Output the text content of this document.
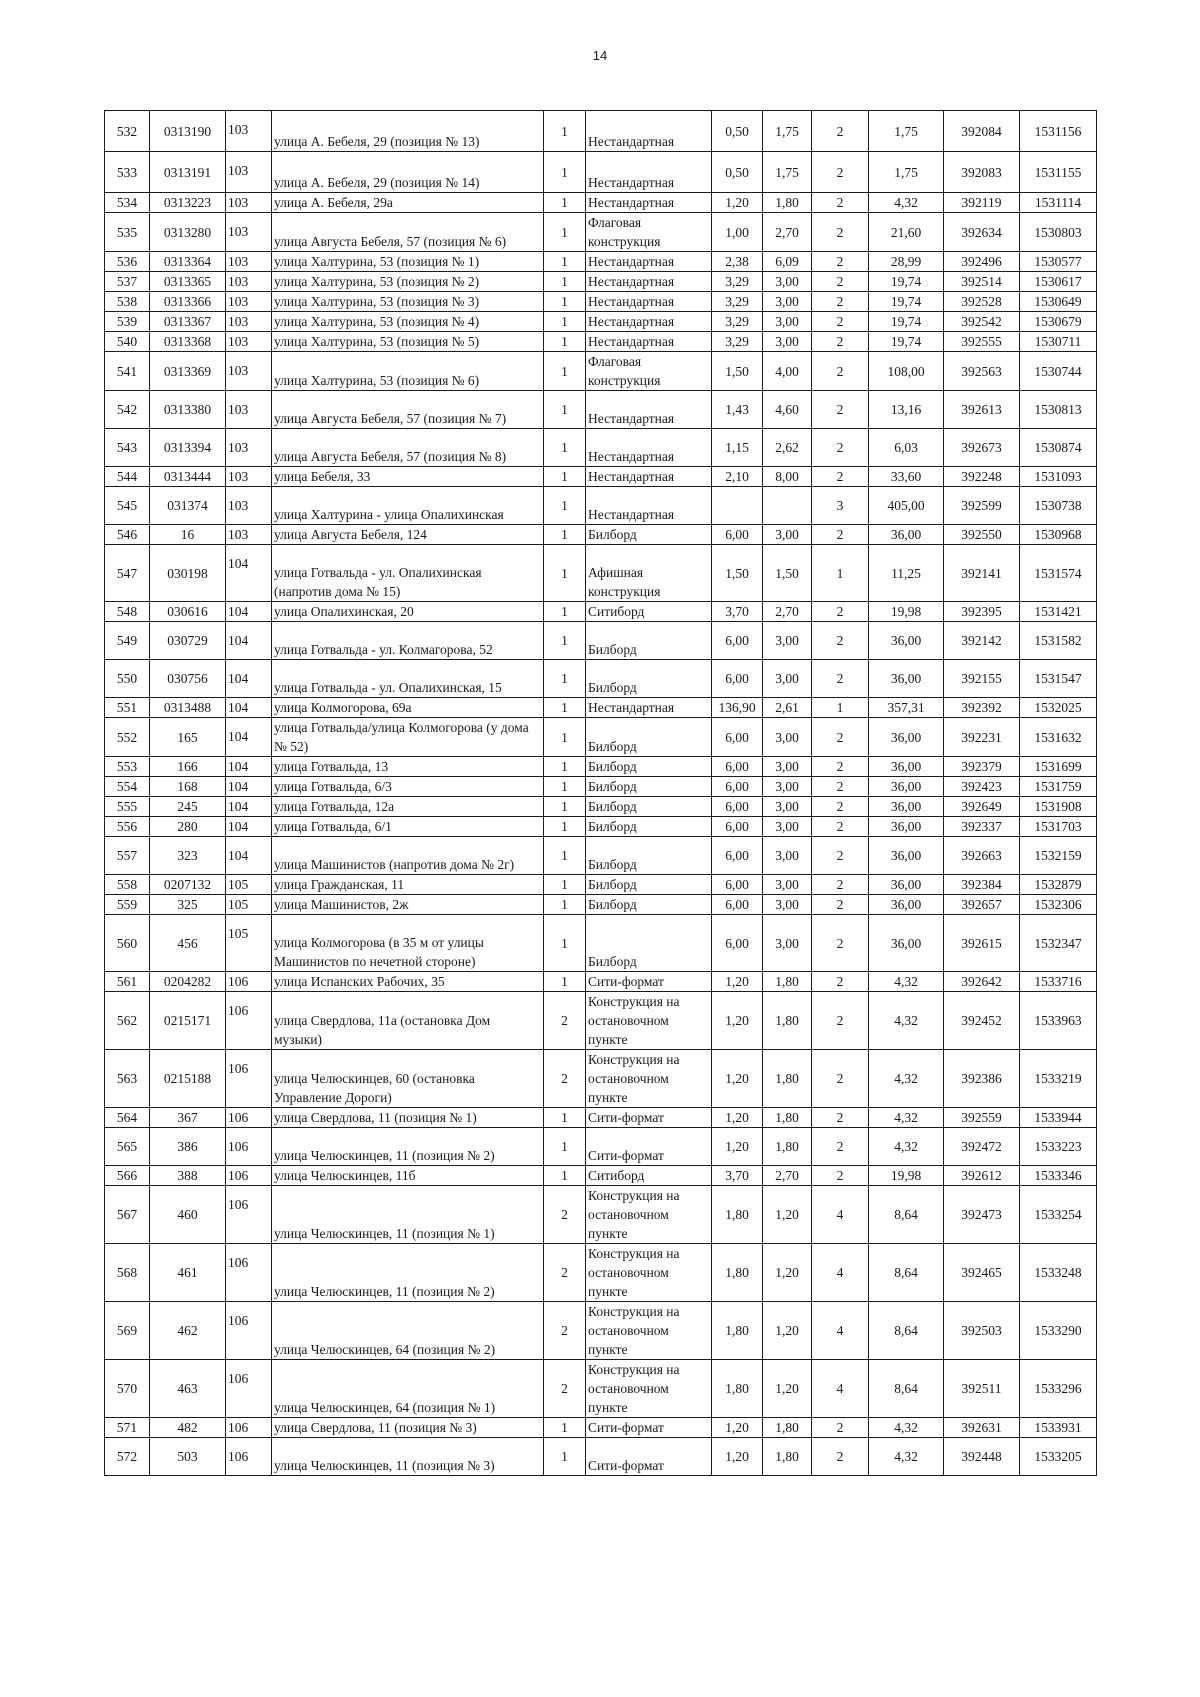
14
532	0313190	103	улица А. Бебеля, 29 (позиция № 13)	1	Нестандартная	0,50	1,75	2	1,75	392084	1531156
533	0313191	103	улица А. Бебеля, 29 (позиция № 14)	1	Нестандартная	0,50	1,75	2	1,75	392083	1531155
534	0313223	103	улица А. Бебеля, 29а	1	Нестандартная	1,20	1,80	2	4,32	392119	1531114
535	0313280	103	улица Августа Бебеля, 57 (позиция № 6)	1	Флаговая конструкция	1,00	2,70	2	21,60	392634	1530803
536	0313364	103	улица Халтурина, 53 (позиция № 1)	1	Нестандартная	2,38	6,09	2	28,99	392496	1530577
537	0313365	103	улица Халтурина, 53 (позиция № 2)	1	Нестандартная	3,29	3,00	2	19,74	392514	1530617
538	0313366	103	улица Халтурина, 53 (позиция № 3)	1	Нестандартная	3,29	3,00	2	19,74	392528	1530649
539	0313367	103	улица Халтурина, 53 (позиция № 4)	1	Нестандартная	3,29	3,00	2	19,74	392542	1530679
540	0313368	103	улица Халтурина, 53 (позиция № 5)	1	Нестандартная	3,29	3,00	2	19,74	392555	1530711
541	0313369	103	улица Халтурина, 53 (позиция № 6)	1	Флаговая конструкция	1,50	4,00	2	108,00	392563	1530744
542	0313380	103	улица Августа Бебеля, 57 (позиция № 7)	1	Нестандартная	1,43	4,60	2	13,16	392613	1530813
543	0313394	103	улица Августа Бебеля, 57 (позиция № 8)	1	Нестандартная	1,15	2,62	2	6,03	392673	1530874
544	0313444	103	улица Бебеля, 33	1	Нестандартная	2,10	8,00	2	33,60	392248	1531093
545	031374	103	улица Халтурина - улица Опалихинская	1	Нестандартная			3	405,00	392599	1530738
546	16	103	улица Августа Бебеля, 124	1	Билборд	6,00	3,00	2	36,00	392550	1530968
547	030198	104	улица Готвальда - ул. Опалихинская (напротив дома № 15)	1	Афишная конструкция	1,50	1,50	1	11,25	392141	1531574
548	030616	104	улица Опалихинская, 20	1	Ситиборд	3,70	2,70	2	19,98	392395	1531421
549	030729	104	улица Готвальда - ул. Колмагорова, 52	1	Билборд	6,00	3,00	2	36,00	392142	1531582
550	030756	104	улица Готвальда - ул. Опалихинская, 15	1	Билборд	6,00	3,00	2	36,00	392155	1531547
551	0313488	104	улица Колмогорова, 69а	1	Нестандартная	136,90	2,61	1	357,31	392392	1532025
552	165	104	улица Готвальда/улица Колмогорова (у дома № 52)	1	Билборд	6,00	3,00	2	36,00	392231	1531632
553	166	104	улица Готвальда, 13	1	Билборд	6,00	3,00	2	36,00	392379	1531699
554	168	104	улица Готвальда, 6/3	1	Билборд	6,00	3,00	2	36,00	392423	1531759
555	245	104	улица Готвальда, 12а	1	Билборд	6,00	3,00	2	36,00	392649	1531908
556	280	104	улица Готвальда, 6/1	1	Билборд	6,00	3,00	2	36,00	392337	1531703
557	323	104	улица Машинистов (напротив дома № 2г)	1	Билборд	6,00	3,00	2	36,00	392663	1532159
558	0207132	105	улица Гражданская, 11	1	Билборд	6,00	3,00	2	36,00	392384	1532879
559	325	105	улица Машинистов, 2ж	1	Билборд	6,00	3,00	2	36,00	392657	1532306
560	456	105	улица Колмогорова (в 35 м от улицы Машинистов по нечетной стороне)	1	Билборд	6,00	3,00	2	36,00	392615	1532347
561	0204282	106	улица Испанских Рабочих, 35	1	Сити-формат	1,20	1,80	2	4,32	392642	1533716
562	0215171	106	улица Свердлова, 11а (остановка Дом музыки)	2	Конструкция на остановочном пункте	1,20	1,80	2	4,32	392452	1533963
563	0215188	106	улица Челюскинцев, 60 (остановка Управление Дороги)	2	Конструкция на остановочном пункте	1,20	1,80	2	4,32	392386	1533219
564	367	106	улица Свердлова, 11 (позиция № 1)	1	Сити-формат	1,20	1,80	2	4,32	392559	1533944
565	386	106	улица Челюскинцев, 11 (позиция № 2)	1	Сити-формат	1,20	1,80	2	4,32	392472	1533223
566	388	106	улица Челюскинцев, 11б	1	Ситиборд	3,70	2,70	2	19,98	392612	1533346
567	460	106	улица Челюскинцев, 11 (позиция № 1)	2	Конструкция на остановочном пункте	1,80	1,20	4	8,64	392473	1533254
568	461	106	улица Челюскинцев, 11 (позиция № 2)	2	Конструкция на остановочном пункте	1,80	1,20	4	8,64	392465	1533248
569	462	106	улица Челюскинцев, 64 (позиция № 2)	2	Конструкция на остановочном пункте	1,80	1,20	4	8,64	392503	1533290
570	463	106	улица Челюскинцев, 64 (позиция № 1)	2	Конструкция на остановочном пункте	1,80	1,20	4	8,64	392511	1533296
571	482	106	улица Свердлова, 11 (позиция № 3)	1	Сити-формат	1,20	1,80	2	4,32	392631	1533931
572	503	106	улица Челюскинцев, 11 (позиция № 3)	1	Сити-формат	1,20	1,80	2	4,32	392448	1533205
